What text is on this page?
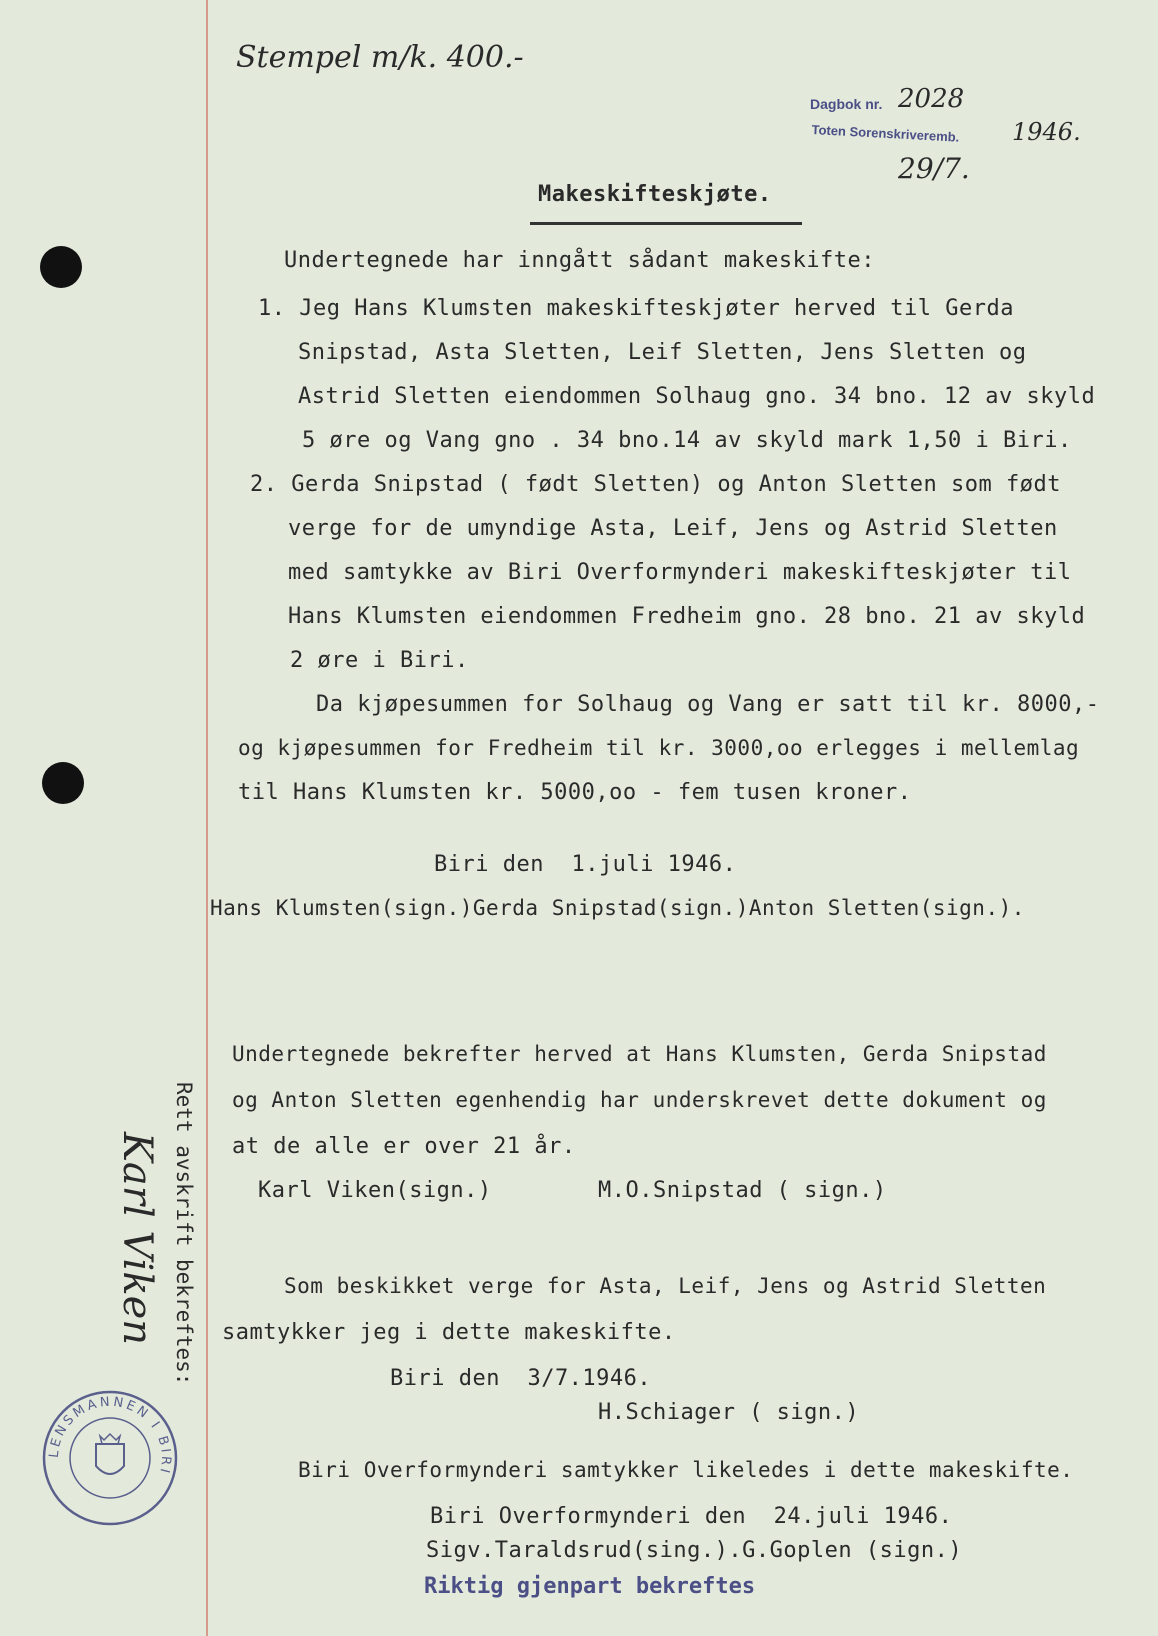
Stempel m/k. 400.-
Dagbok nr. 2028
1946.
Toten Sorenskriveremb.
29/7.
Makeskifteskjøte.
Undertegnede har inngått sådant makeskifte:
1. Jeg Hans Klumsten makeskifteskjøter herved til Gerda
Snipstad, Asta Sletten, Leif Sletten, Jens Sletten og
Astrid Sletten eiendommen Solhaug gno. 34 bno. 12 av skyld
5 øre og Vang gno . 34 bno.14 av skyld mark 1,50 i Biri.
2. Gerda Snipstad ( født Sletten) og Anton Sletten som født
verge for de umyndige Asta, Leif, Jens og Astrid Sletten
med samtykke av Biri Overformynderi makeskifteskjøter til
Hans Klumsten eiendommen Fredheim gno. 28 bno. 21 av skyld
2 øre i Biri.
Da kjøpesummen for Solhaug og Vang er satt til kr. 8000,-
og kjøpesummen for Fredheim til kr. 3000,oo erlegges i mellemlag
til Hans Klumsten kr. 5000,oo - fem tusen kroner.
Biri den  1.juli 1946.
Hans Klumsten(sign.)Gerda Snipstad(sign.)Anton Sletten(sign.).
Undertegnede bekrefter herved at Hans Klumsten, Gerda Snipstad
og Anton Sletten egenhendig har underskrevet dette dokument og
at de alle er over 21 år.
Karl Viken(sign.)	M.O.Snipstad ( sign.)
Som beskikket verge for Asta, Leif, Jens og Astrid Sletten
samtykker jeg i dette makeskifte.
Biri den  3/7.1946.
H.Schiager ( sign.)
Biri Overformynderi samtykker likeledes i dette makeskifte.
Biri Overformynderi den  24.juli 1946.
Sigv.Taraldsrud(sing.).G.Goplen (sign.)
Riktig gjenpart bekreftes
Rett avskrift bekreftes:
Karl Viken
LENSMANNEN I BIRI
